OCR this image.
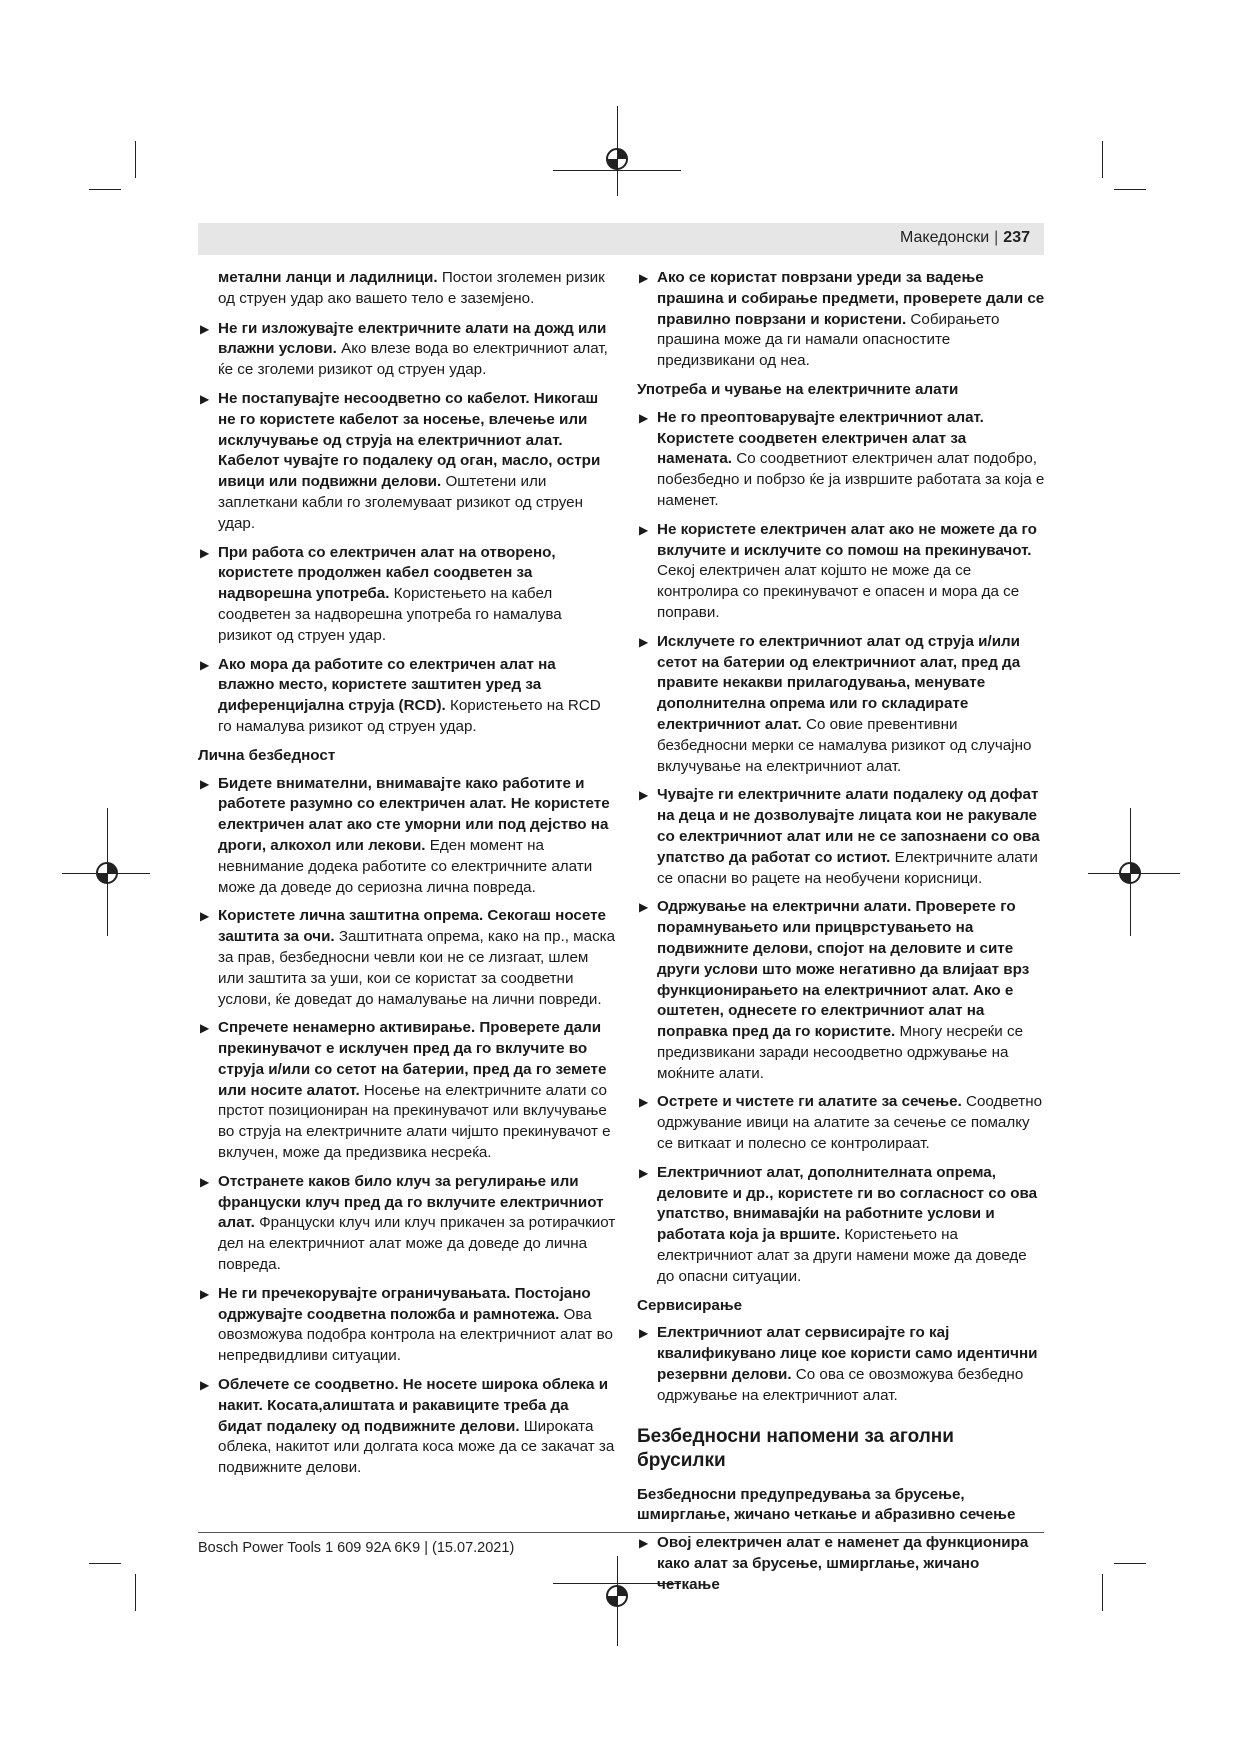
Македонски | 237

метални ланци и ладилници. Постои зголемен ризик од струен удар ако вашето тело е заземјено.

▶ Не ги изложувајте електричните алати на дожд или влажни услови. Ако влезе вода во електричниот алат, ќе се зголеми ризикот од струен удар.
▶ Не постапувајте несоодветно со кабелот. Никогаш не го користете кабелот за носење, влечење или исклучување од струја на електричниот алат. Кабелот чувајте го подалеку од оган, масло, остри ивици или подвижни делови. Оштетени или заплеткани кабли го зголемуваат ризикот од струен удар.
▶ При работа со електричен алат на отворено, користете продолжен кабел соодветен за надворешна употреба. Користењето на кабел соодветен за надворешна употреба го намалува ризикот од струен удар.
▶ Ако мора да работите со електричен алат на влажно место, користете заштитен уред за диференцијална струја (RCD). Користењето на RCD го намалува ризикот од струен удар.

Лична безбедност

▶ Бидете внимателни, внимавајте како работите и работете разумно со електричен алат. Не користете електричен алат ако сте уморни или под дејство на дроги, алкохол или лекови. Еден момент на невнимание додека работите со електричните алати може да доведе до сериозна лична повреда.
▶ Користете лична заштитна опрема. Секогаш носете заштита за очи. Заштитната опрема, како на пр., маска за прав, безбедносни чевли кои не се лизгаат, шлем или заштита за уши, кои се користат за соодветни услови, ќе доведат до намалување на лични повреди.
▶ Спречете ненамерно активирање. Проверете дали прекинувачот е исклучен пред да го вклучите во струја и/или со сетот на батерии, пред да го земете или носите алатот. Носење на електричните алати со прстот позиционирaн на прекинувачот или вклучување во струја на електричните алати чијшто прекинувачот е вклучен, може да предизвика несреќа.
▶ Отстранете каков било клуч за регулирање или француски клуч пред да го вклучите електричниот алат. Француски клуч или клуч прикачен за ротирачкиот дел на електричниот алат може да доведе до лична повреда.
▶ Не ги пречекорувајте ограничувањата. Постојано одржувајте соодветна положба и рамнотежа. Ова овозможува подобра контрола на електричниот алат во непредвидливи ситуации.
▶ Облечете се соодветно. Не носете широка облека и накит. Косата,алиштата и ракавиците треба да бидат подалеку од подвижните делови. Широката облека, накитот или долгата коса може да се закачат за подвижните делови.
▶ Ако се користат поврзани уреди за вадење прашина и собирање предмети, проверете дали се правилно поврзани и користени. Собирањето прашина може да ги намали опасностите предизвикани од неа.

Употреба и чување на електричните алати

▶ Не го преоптоварувајте електричниот алат. Користете соодветен електричен алат за намената. Со соодветниот електричен алат подобро, побезбедно и побрзо ќе ја извршите работата за која е наменет.
▶ Не користете електричен алат ако не можете да го вклучите и исклучите со помош на прекинувачот. Секој електричен алат којшто не може да се контролира со прекинувачот е опасен и мора да се поправи.
▶ Исклучете го електричниот алат од струја и/или сетот на батерии од електричниот алат, пред да правите некакви прилагодувања, менувате дополнителна опрема или го складирате електричниот алат. Со овие превентивни безбедносни мерки се намалува ризикот од случајно вклучување на електричниот алат.
▶ Чувајте ги електричните алати подалеку од дофат на деца и не дозволувајте лицата кои не ракувале со електричниот алат или не се запознаени со ова упатство да работат со истиот. Електричните алати се опасни во рацете на необучени корисници.
▶ Одржување на електрични алати. Проверете го порамнувањето или прицврстувањето на подвижните делови, спојот на деловите и сите други услови што може негативно да влијаат врз функционирањето на електричниот алат. Ако е оштетен, однесете го електричниот алат на поправка пред да го користите. Многу несреќи се предизвикани заради несоодветно одржување на моќните алати.
▶ Острете и чистете ги алатите за сечење. Соодветно одржувание ивици на алатите за сечење се помалку се виткаат и полесно се контролираат.
▶ Електричниот алат, дополнителната опрема, деловите и др., користете ги во согласност со ова упатство, внимавајќи на работните услови и работата која ја вршите. Користењето на електричниот алат за други намени може да доведе до опасни ситуации.

Сервисирање

▶ Електричниот алат сервисирајте го кај квалификувано лице кое користи само идентични резервни делови. Со ова се овозможува безбедно одржување на електричниот алат.

Безбедносни напомени за аголни брусилки

Безбедносни предупредувања за брусење, шмирглање, жичано четкање и абразивно сечење

▶ Овој електричен алат е наменет да функционира како алат за брусење, шмирглање, жичано четкање
Bosch Power Tools 1 609 92A 6K9 | (15.07.2021)
